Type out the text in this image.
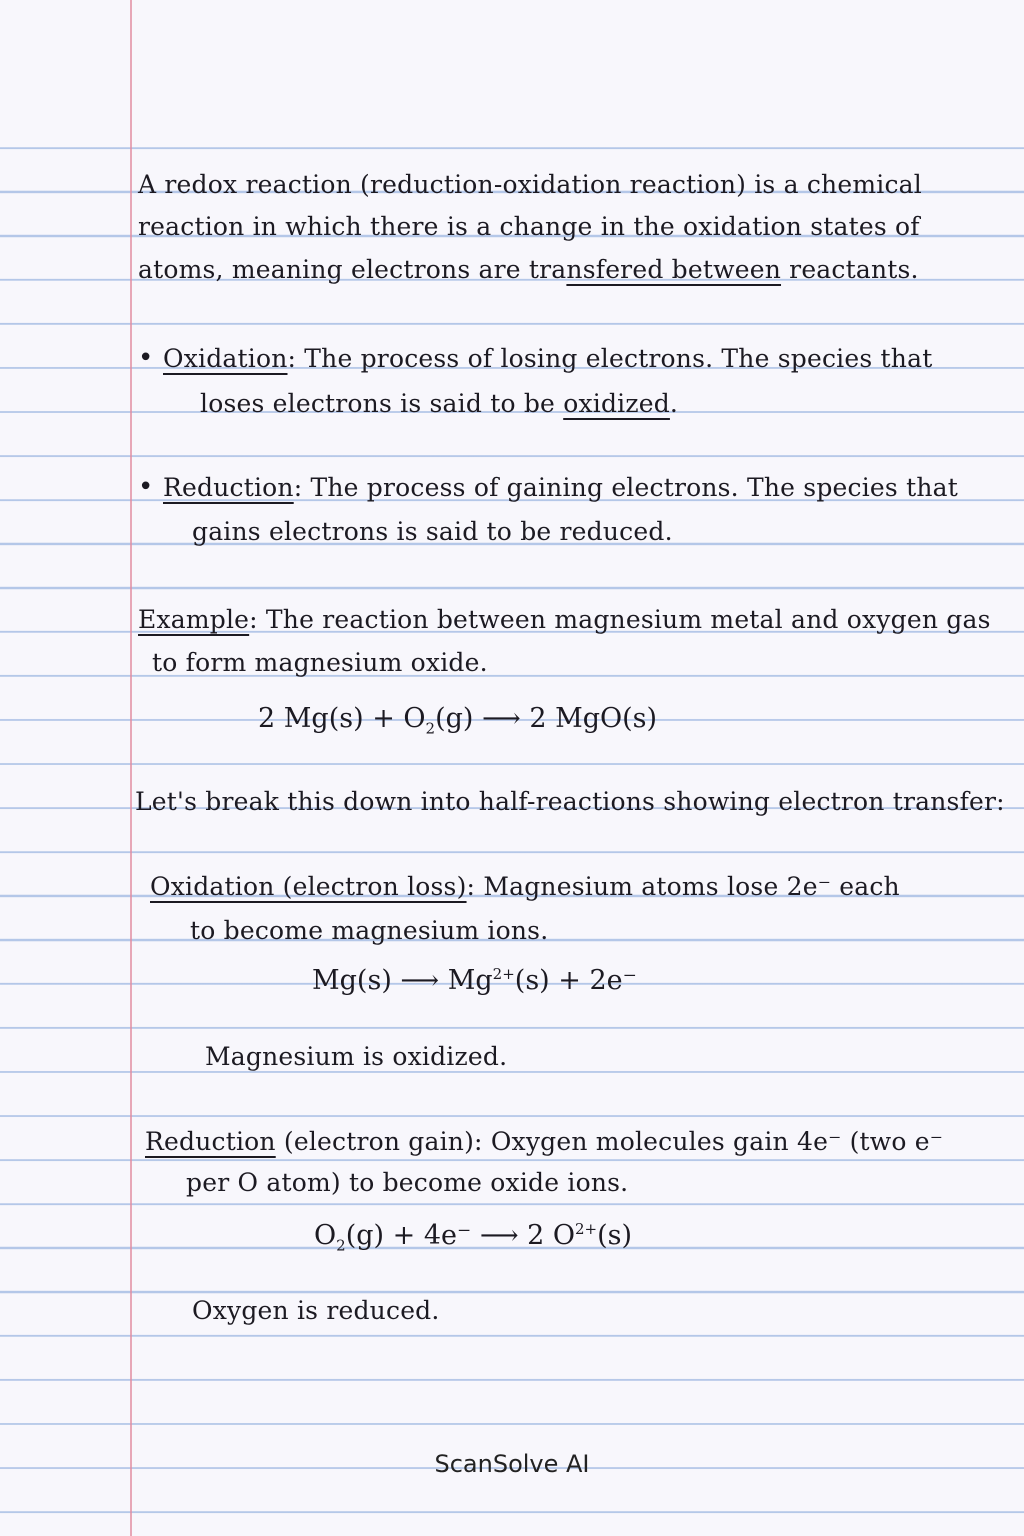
A redox reaction (reduction-oxidation reaction) is a chemical

reaction in which there is a change in the oxidation states of

atoms, meaning electrons are transfered between reactants.

• Oxidation: The process of losing electrons. The species that

loses electrons is said to be oxidized.

• Reduction: The process of gaining electrons. The species that

gains electrons is said to be reduced.

Example: The reaction between magnesium metal and oxygen gas

to form magnesium oxide.

2 $Mg(s) + O_2(g)$ ⟶ 2 MgO(s)

Let's break this down into half-reactions showing electron transfer:

Oxidation (electron loss): Magnesium atoms lose 2e⁻ each

to become magnesium ions.

Mg(s) ⟶ $Mg^{2+}(s) + 2e^-$

Magnesium is oxidized.

Reduction (electron gain): Oxygen molecules gain 4e⁻ (two e⁻

per O atom) to become oxide ions.

$O_2(g) + 4e^-$ ⟶ 2 $O^{2+}(s)$

Oxygen is reduced.

ScanSolve AI
